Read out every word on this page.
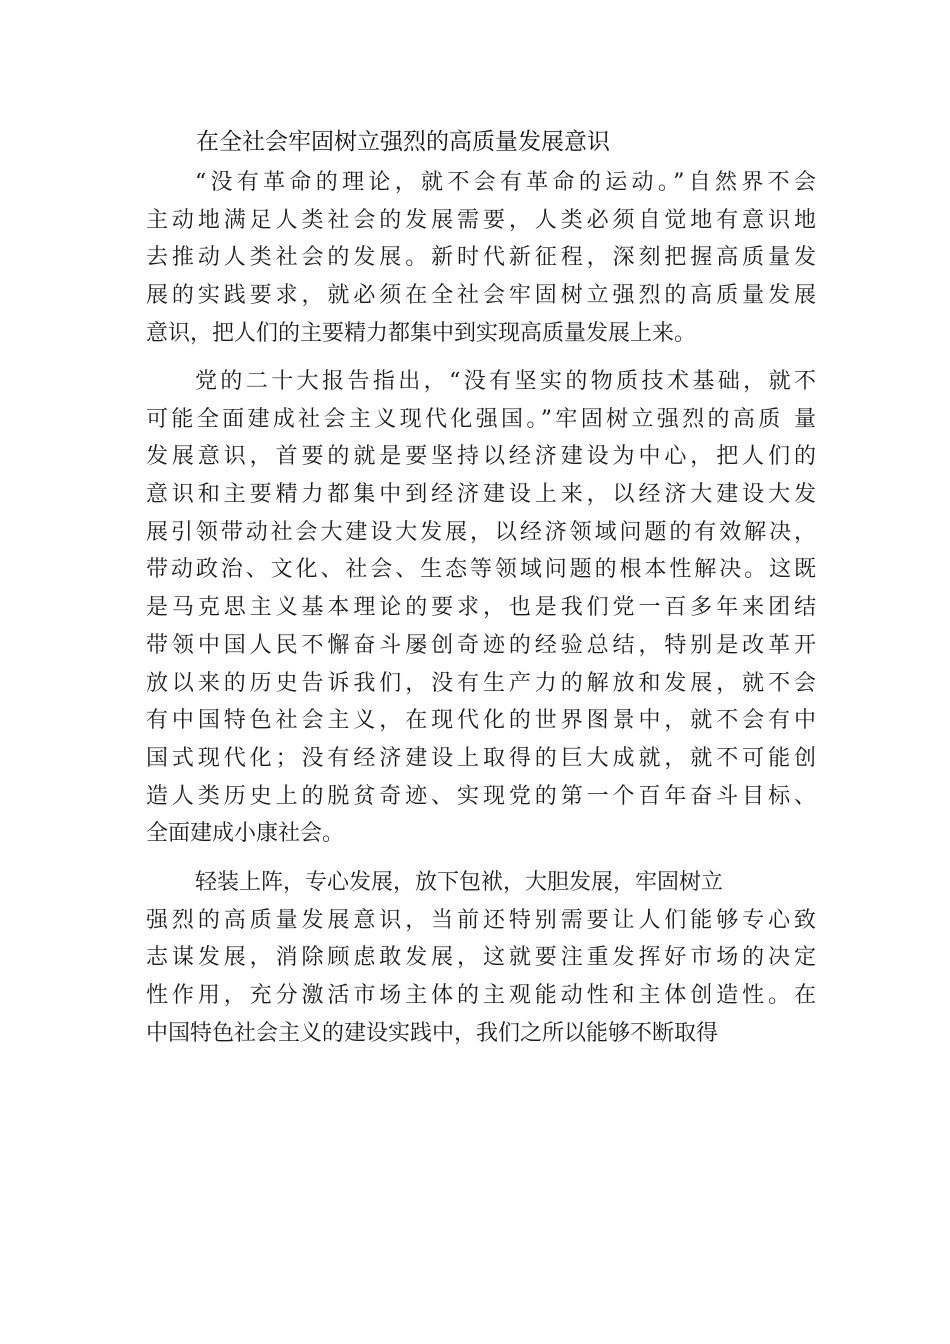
在全社会牢固树立强烈的高质量发展意识

“没有革命的理论，就不会有革命的运动。”自然界不会
主动地满足人类社会的发展需要，人类必须自觉地有意识地
去推动人类社会的发展。新时代新征程，深刻把握高质量发
展的实践要求，就必须在全社会牢固树立强烈的高质量发展
意识，把人们的主要精力都集中到实现高质量发展上来。

党的二十大报告指出，“没有坚实的物质技术基础，就不
可能全面建成社会主义现代化强国。”牢固树立强烈的高质 量
发展意识，首要的就是要坚持以经济建设为中心，把人们的
意识和主要精力都集中到经济建设上来，以经济大建设大发
展引领带动社会大建设大发展，以经济领域问题的有效解决，
带动政治、文化、社会、生态等领域问题的根本性解决。这既
是马克思主义基本理论的要求，也是我们党一百多年来团结
带领中国人民不懈奋斗屡创奇迹的经验总结，特别是改革开
放以来的历史告诉我们，没有生产力的解放和发展，就不会
有中国特色社会主义，在现代化的世界图景中，就不会有中
国式现代化；没有经济建设上取得的巨大成就，就不可能创
造人类历史上的脱贫奇迹、实现党的第一个百年奋斗目标、
全面建成小康社会。

轻装上阵，专心发展，放下包袱，大胆发展，牢固树立
强烈的高质量发展意识，当前还特别需要让人们能够专心致
志谋发展，消除顾虑敢发展，这就要注重发挥好市场的决定
性作用，充分激活市场主体的主观能动性和主体创造性。在
中国特色社会主义的建设实践中，我们之所以能够不断取得
